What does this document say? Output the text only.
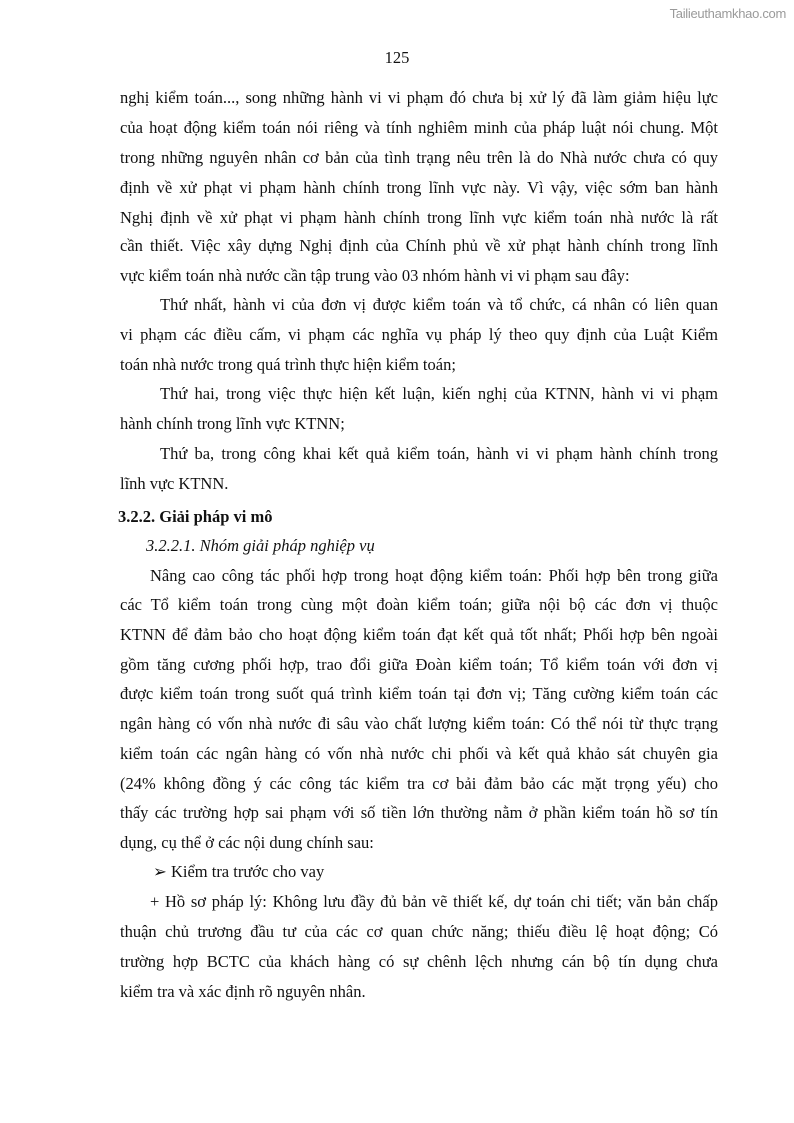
Tailieuthamkhao.com
125
nghị kiểm toán..., song những hành vi vi phạm đó chưa bị xử lý đã làm giảm hiệu lực
của hoạt động kiểm toán nói riêng và tính nghiêm minh của pháp luật nói chung. Một
trong những nguyên nhân cơ bản của tình trạng nêu trên là do Nhà nước chưa có quy
định về xử phạt vi phạm hành chính trong lĩnh vực này. Vì vậy, việc sớm ban hành
Nghị định về xử phạt vi phạm hành chính trong lĩnh vực kiểm toán nhà nước là rất
cần thiết. Việc xây dựng Nghị định của Chính phủ về xử phạt hành chính trong lĩnh
vực kiểm toán nhà nước cần tập trung vào 03 nhóm hành vi vi phạm sau đây:
Thứ nhất, hành vi của đơn vị được kiểm toán và tổ chức, cá nhân có liên quan
vi phạm các điều cấm, vi phạm các nghĩa vụ pháp lý theo quy định của Luật Kiểm
toán nhà nước trong quá trình thực hiện kiểm toán;
Thứ hai, trong việc thực hiện kết luận, kiến nghị của KTNN, hành vi vi phạm
hành chính trong lĩnh vực KTNN;
Thứ ba, trong công khai kết quả kiểm toán, hành vi vi phạm hành chính trong
lĩnh vực KTNN.
3.2.2. Giải pháp vi mô
3.2.2.1. Nhóm giải pháp nghiệp vụ
Nâng cao công tác phối hợp trong hoạt động kiểm toán: Phối hợp bên trong giữa
các Tổ kiểm toán trong cùng một đoàn kiểm toán; giữa nội bộ các đơn vị thuộc
KTNN để đảm bảo cho hoạt động kiểm toán đạt kết quả tốt nhất; Phối hợp bên ngoài
gồm tăng cương phối hợp, trao đổi giữa Đoàn kiểm toán; Tổ kiểm toán với đơn vị
được kiểm toán trong suốt quá trình kiểm toán tại đơn vị; Tăng cường kiểm toán các
ngân hàng có vốn nhà nước đi sâu vào chất lượng kiểm toán: Có thể nói từ thực trạng
kiểm toán các ngân hàng có vốn nhà nước chi phối và kết quả khảo sát chuyên gia
(24% không đồng ý các công tác kiểm tra cơ bải đảm bảo các mặt trọng yếu) cho
thấy các trường hợp sai phạm với số tiền lớn thường nằm ở phần kiểm toán hồ sơ tín
dụng, cụ thể ở các nội dung chính sau:
➢ Kiểm tra trước cho vay
+ Hồ sơ pháp lý: Không lưu đầy đủ bản vẽ thiết kế, dự toán chi tiết; văn bản chấp
thuận chủ trương đầu tư của các cơ quan chức năng; thiếu điều lệ hoạt động; Có
trường hợp BCTC của khách hàng có sự chênh lệch nhưng cán bộ tín dụng chưa
kiểm tra và xác định rõ nguyên nhân.
